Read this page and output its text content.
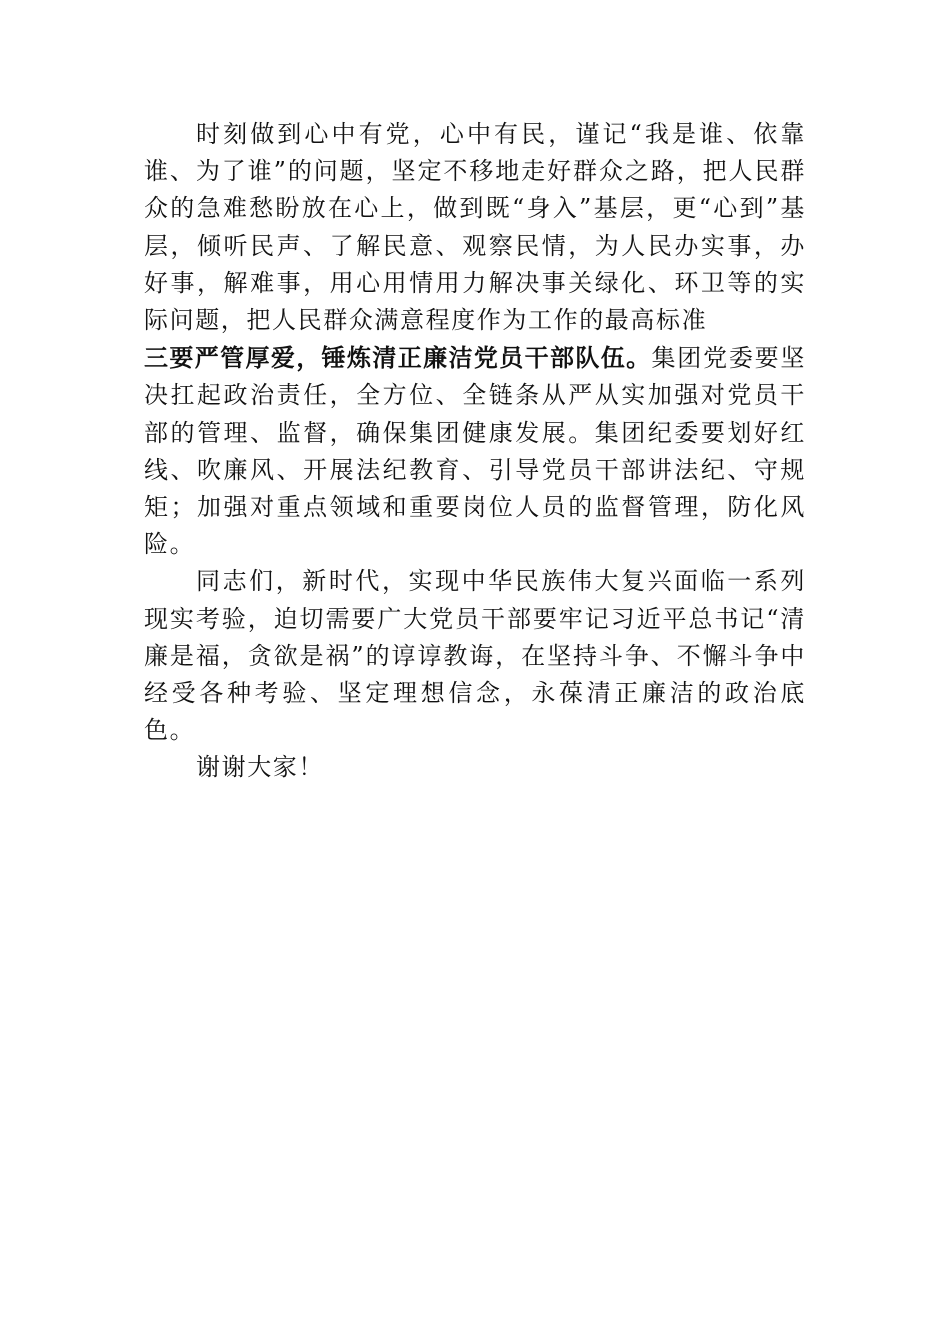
时刻做到心中有党，心中有民，谨记“我是谁、依靠谁、为了谁”的问题，坚定不移地走好群众之路，把人民群众的急难愁盼放在心上，做到既“身入”基层，更“心到”基层，倾听民声、了解民意、观察民情，为人民办实事，办好事，解难事，用心用情用力解决事关绿化、环卫等的实际问题，把人民群众满意程度作为工作的最高标准

三要严管厚爱，锤炼清正廉洁党员干部队伍。集团党委要坚决扛起政治责任，全方位、全链条从严从实加强对党员干部的管理、监督，确保集团健康发展。集团纪委要划好红线、吹廉风、开展法纪教育、引导党员干部讲法纪、守规矩；加强对重点领域和重要岗位人员的监督管理，防化风险。

同志们，新时代，实现中华民族伟大复兴面临一系列现实考验，迫切需要广大党员干部要牢记习近平总书记“清廉是福，贪欲是祸”的谆谆教诲，在坚持斗争、不懈斗争中经受各种考验、坚定理想信念，永葆清正廉洁的政治底色。

谢谢大家！
